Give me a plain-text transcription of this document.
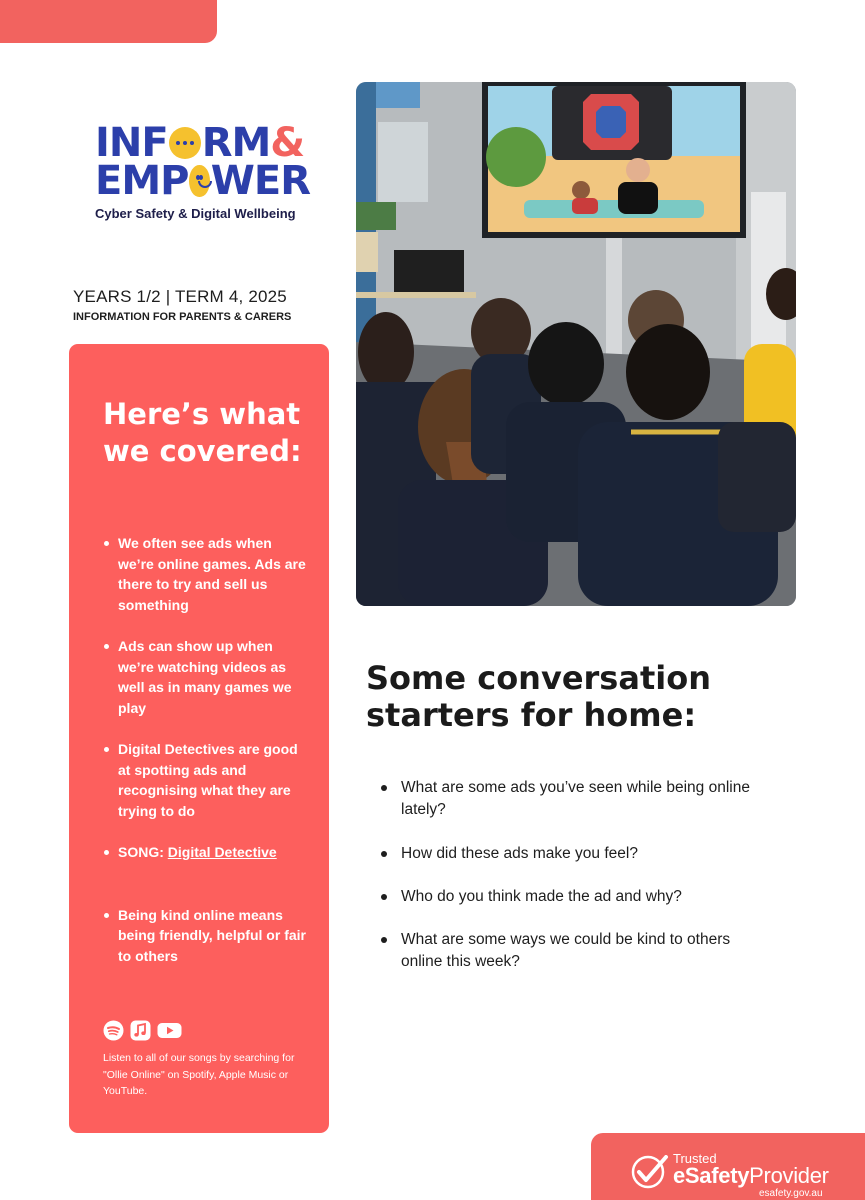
INF RM &
EMP WER
Cyber Safety & Digital Wellbeing
YEARS 1/2 | TERM 4, 2025
INFORMATION FOR PARENTS & CARERS
Here’s what we covered:
We often see ads when we’re online games. Ads are there to try and sell us something
Ads can show up when we’re watching videos as well as in many games we play
Digital Detectives are good at spotting ads and recognising what they are trying to do
SONG: Digital Detective
Being kind online means being friendly, helpful or fair to others

Listen to all of our songs by searching for "Ollie Online" on Spotify, Apple Music or YouTube.

Some conversation starters for home:
What are some ads you’ve seen while being online lately?
How did these ads make you feel?
Who do you think made the ad and why?
What are some ways we could be kind to others online this week?
Trusted
eSafetyProvider
esafety.gov.au
